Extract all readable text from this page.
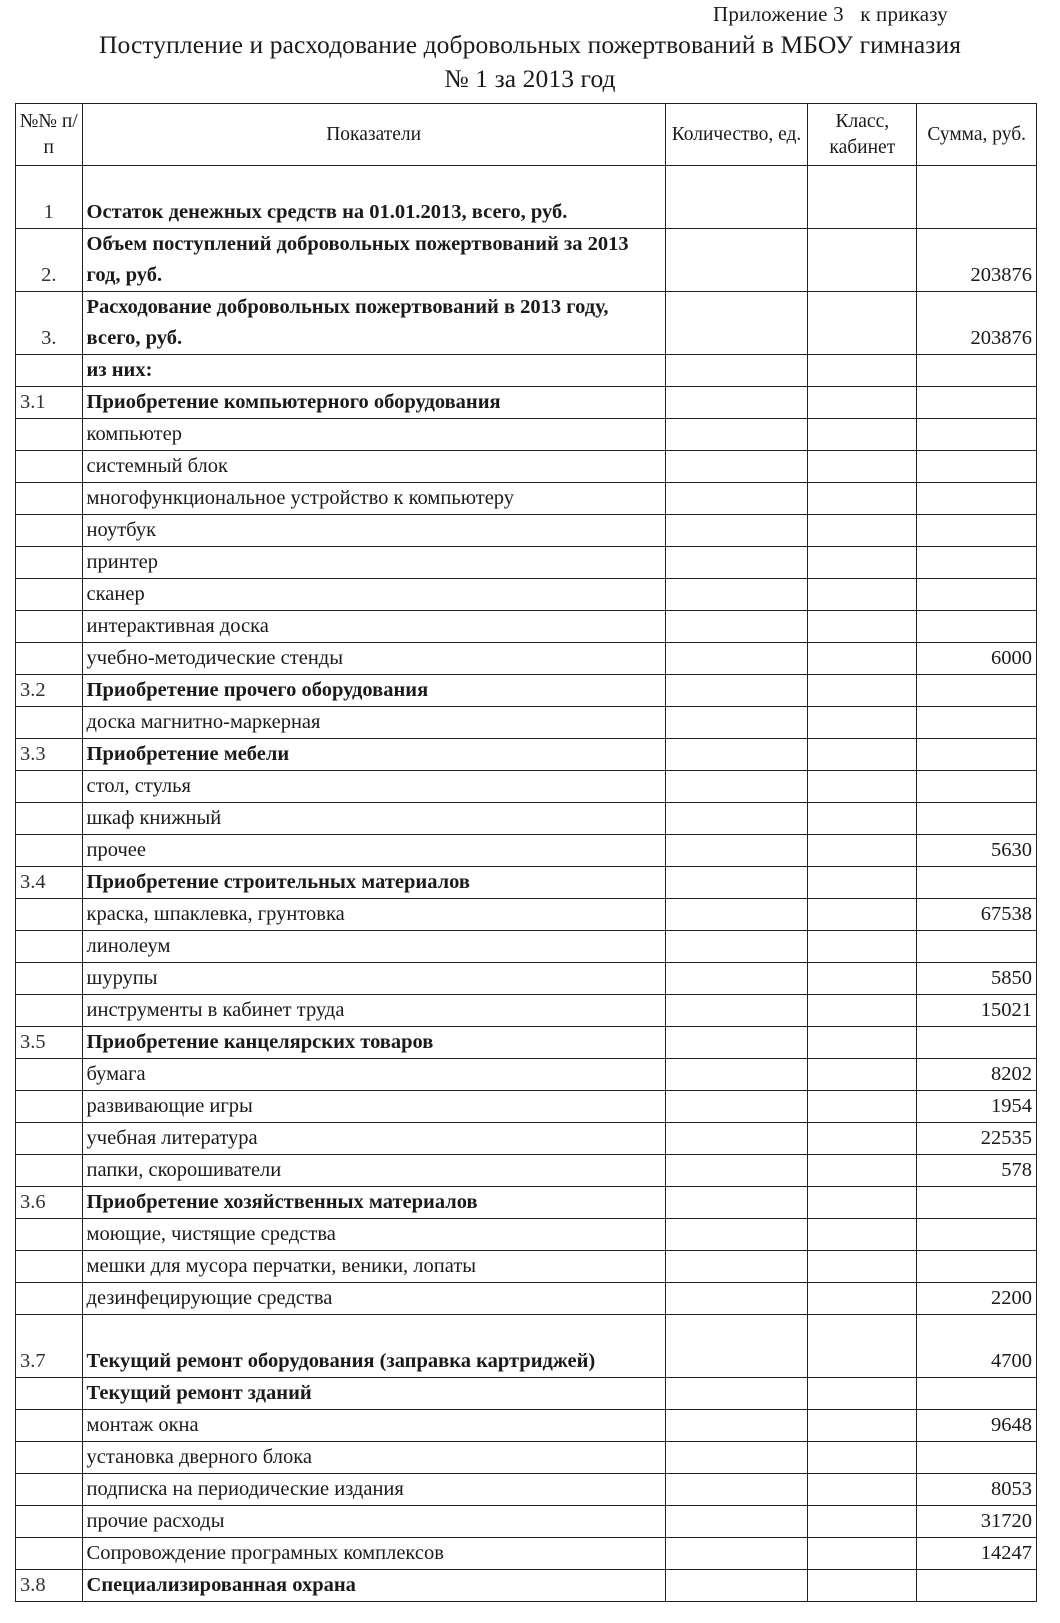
Приложение 3   к приказу
Поступление и расходование добровольных пожертвований в МБОУ гимназия
№ 1 за 2013 год
№№ п/п	Показатели	Количество, ед.	Класс, кабинет	Сумма, руб.
1	Остаток денежных средств на 01.01.2013, всего, руб.			
2.	Объем поступлений добровольных пожертвований за 2013 год, руб.			203876
3.	Расходование добровольных пожертвований в 2013 году, всего, руб.			203876
	из них:			
3.1	Приобретение компьютерного оборудования			
	компьютер			
	системный блок			
	многофункциональное устройство к компьютеру			
	ноутбук			
	принтер			
	сканер			
	интерактивная доска			
	учебно-методические стенды			6000
3.2	Приобретение прочего оборудования			
	доска магнитно-маркерная			
3.3	Приобретение мебели			
	стол, стулья			
	шкаф книжный			
	прочее			5630
3.4	Приобретение строительных материалов			
	краска, шпаклевка, грунтовка			67538
	линолеум			
	шурупы			5850
	инструменты в кабинет труда			15021
3.5	Приобретение канцелярских товаров			
	бумага			8202
	развивающие игры			1954
	учебная литература			22535
	папки, скорошиватели			578
3.6	Приобретение хозяйственных материалов			
	моющие, чистящие средства			
	мешки для мусора перчатки, веники, лопаты			
	дезинфецирующие средства			2200
3.7	Текущий ремонт оборудования (заправка картриджей)			4700
	Текущий ремонт зданий			
	монтаж окна			9648
	установка дверного блока			
	подписка на периодические издания			8053
	прочие расходы			31720
	Сопровождение програмных комплексов			14247
3.8	Специализированная охрана			
